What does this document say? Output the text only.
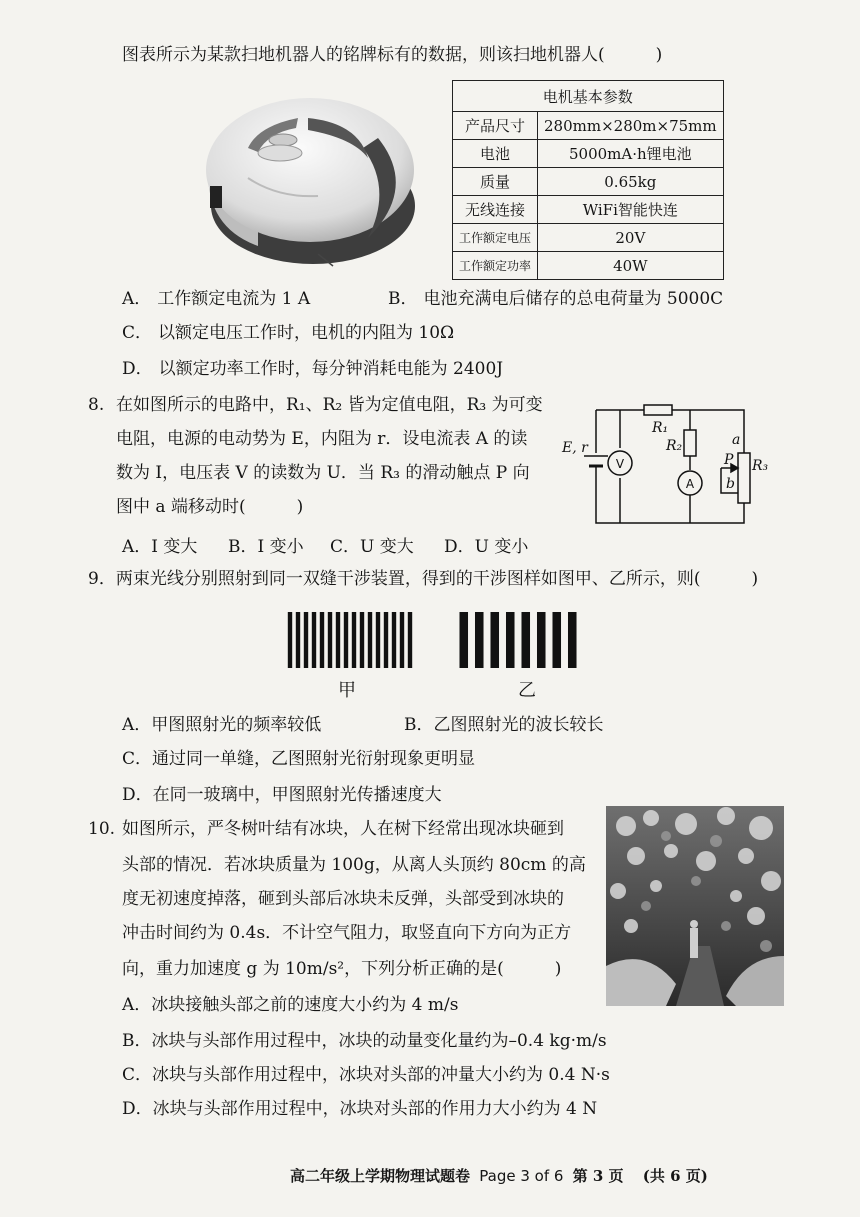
图表所示为某款扫地机器人的铭牌标有的数据，则该扫地机器人(　　　)
电机基本参数	
产品尺寸	280mm×280m×75mm
电池	5000mA·h锂电池
质量	0.65kg
无线连接	WiFi智能快连
工作额定电压	20V
工作额定功率	40W
A． 工作额定电流为 1 A	B． 电池充满电后储存的总电荷量为 5000C
C． 以额定电压工作时，电机的内阻为 10Ω
D． 以额定功率工作时，每分钟消耗电能为 2400J
8. 在如图所示的电路中，R₁、R₂ 皆为定值电阻，R₃ 为可变
电阻，电源的电动势为 E，内阻为 r．设电流表 A 的读
数为 I，电压表 V 的读数为 U．当 R₃ 的滑动触点 P 向
图中 a 端移动时(　　　)
A．I 变大 B．I 变小 C．U 变大 D．U 变小
E, r
R₁
R₂
R₃
a
P
b
V
A
9．两束光线分别照射到同一双缝干涉装置，得到的干涉图样如图甲、乙所示，则(　　　)
甲	乙
A．甲图照射光的频率较低	B．乙图照射光的波长较长
C．通过同一单缝，乙图照射光衍射现象更明显
D．在同一玻璃中，甲图照射光传播速度大
10. 如图所示，严冬树叶结有冰块，人在树下经常出现冰块砸到
头部的情况．若冰块质量为 100g，从离人头顶约 80cm 的高
度无初速度掉落，砸到头部后冰块未反弹，头部受到冰块的
冲击时间约为 0.4s．不计空气阻力，取竖直向下方向为正方
向，重力加速度 g 为 10m/s²，下列分析正确的是(　　　)
A．冰块接触头部之前的速度大小约为 4 m/s
B．冰块与头部作用过程中，冰块的动量变化量约为–0.4 kg·m/s
C．冰块与头部作用过程中，冰块对头部的冲量大小约为 0.4 N·s
D．冰块与头部作用过程中，冰块对头部的作用力大小约为 4 N
高二年级上学期物理试题卷 Page 3 of 6 第 3 页 (共 6 页)
